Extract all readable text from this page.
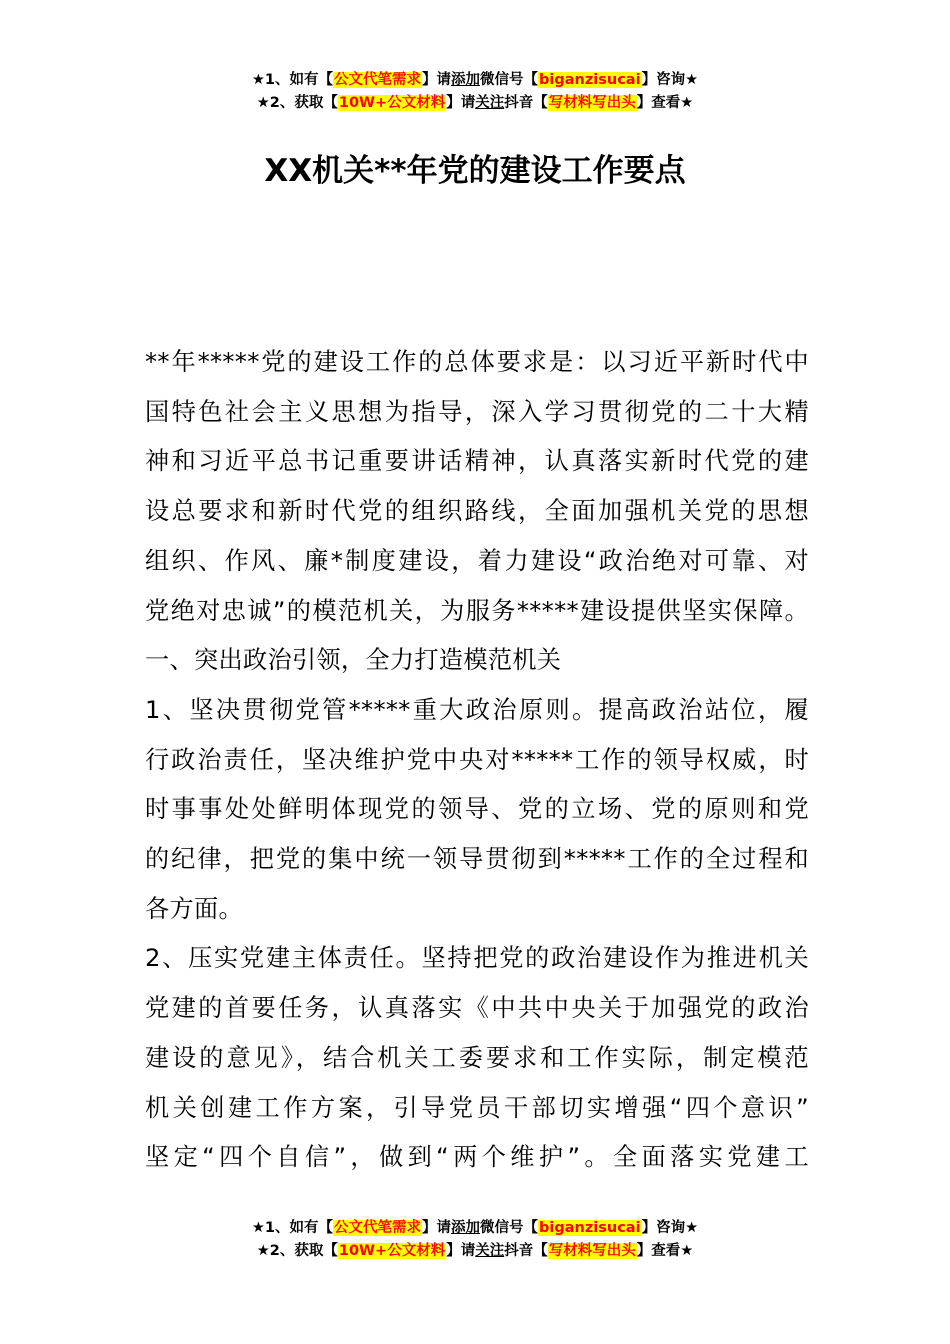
★1、如有【公文代笔需求】请添加微信号【biganzisucai】咨询★
★2、获取【10W+公文材料】请关注抖音【写材料写出头】查看★
XX机关**年党的建设工作要点
**年*****党的建设工作的总体要求是：以习近平新时代中
国特色社会主义思想为指导，深入学习贯彻党的二十大精
神和习近平总书记重要讲话精神，认真落实新时代党的建
设总要求和新时代党的组织路线，全面加强机关党的思想
组织、作风、廉*制度建设，着力建设“政治绝对可靠、对
党绝对忠诚”的模范机关，为服务*****建设提供坚实保障。
一、突出政治引领，全力打造模范机关
1、坚决贯彻党管*****重大政治原则。提高政治站位，履
行政治责任，坚决维护党中央对*****工作的领导权威，时
时事事处处鲜明体现党的领导、党的立场、党的原则和党
的纪律，把党的集中统一领导贯彻到*****工作的全过程和
各方面。
2、压实党建主体责任。坚持把党的政治建设作为推进机关
党建的首要任务，认真落实《中共中央关于加强党的政治
建设的意见》，结合机关工委要求和工作实际，制定模范
机关创建工作方案，引导党员干部切实增强“四个意识”
坚定“四个自信”，做到“两个维护”。全面落实党建工
★1、如有【公文代笔需求】请添加微信号【biganzisucai】咨询★
★2、获取【10W+公文材料】请关注抖音【写材料写出头】查看★
